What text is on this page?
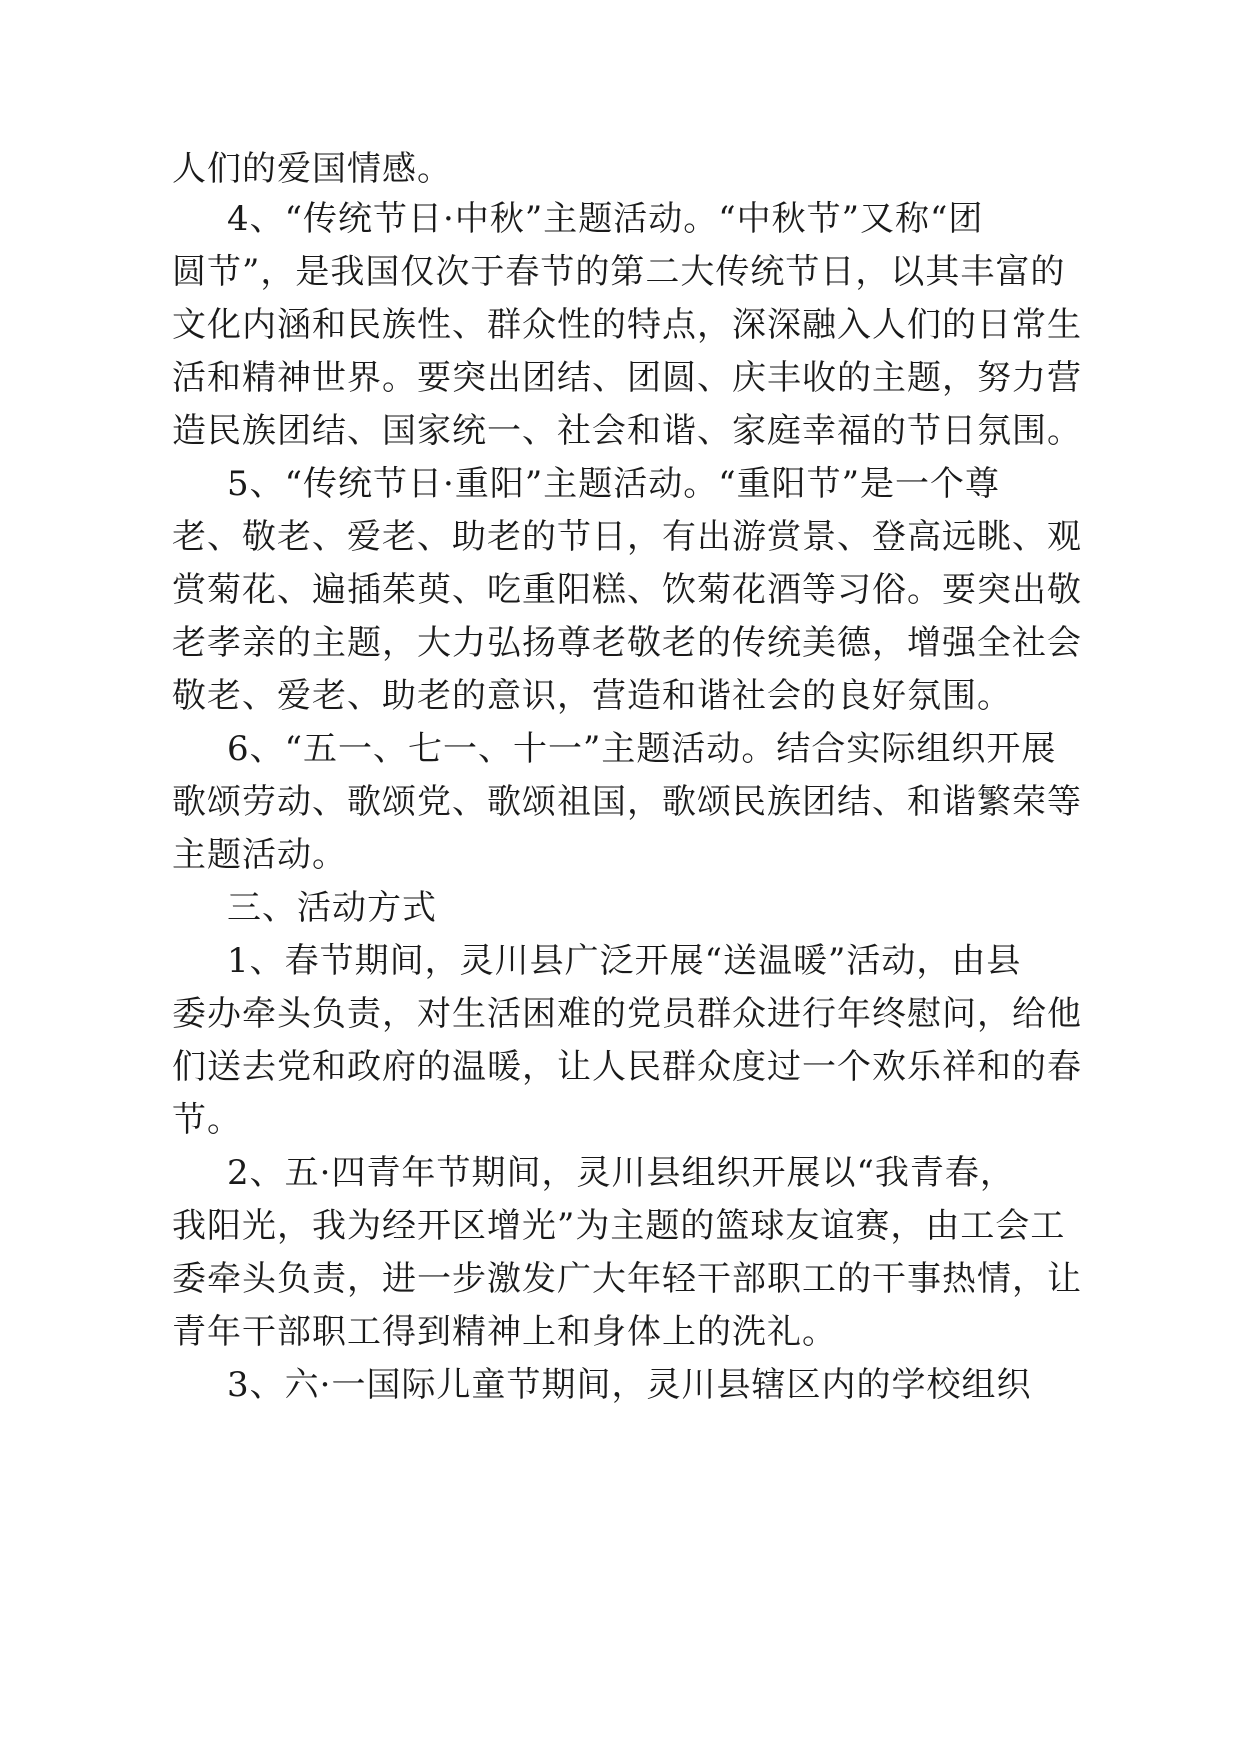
人们的爱国情感。
4、“传统节日·中秋”主题活动。“中秋节”又称“团
圆节”，是我国仅次于春节的第二大传统节日，以其丰富的
文化内涵和民族性、群众性的特点，深深融入人们的日常生
活和精神世界。要突出团结、团圆、庆丰收的主题，努力营
造民族团结、国家统一、社会和谐、家庭幸福的节日氛围。
5、“传统节日·重阳”主题活动。“重阳节”是一个尊
老、敬老、爱老、助老的节日，有出游赏景、登高远眺、观
赏菊花、遍插茱萸、吃重阳糕、饮菊花酒等习俗。要突出敬
老孝亲的主题，大力弘扬尊老敬老的传统美德，增强全社会
敬老、爱老、助老的意识，营造和谐社会的良好氛围。
6、“五一、七一、十一”主题活动。结合实际组织开展
歌颂劳动、歌颂党、歌颂祖国，歌颂民族团结、和谐繁荣等
主题活动。
三、活动方式
1、春节期间，灵川县广泛开展“送温暖”活动，由县
委办牵头负责，对生活困难的党员群众进行年终慰问，给他
们送去党和政府的温暖，让人民群众度过一个欢乐祥和的春
节。
2、五·四青年节期间，灵川县组织开展以“我青春，
我阳光，我为经开区增光”为主题的篮球友谊赛，由工会工
委牵头负责，进一步激发广大年轻干部职工的干事热情，让
青年干部职工得到精神上和身体上的洗礼。
3、六·一国际儿童节期间，灵川县辖区内的学校组织
